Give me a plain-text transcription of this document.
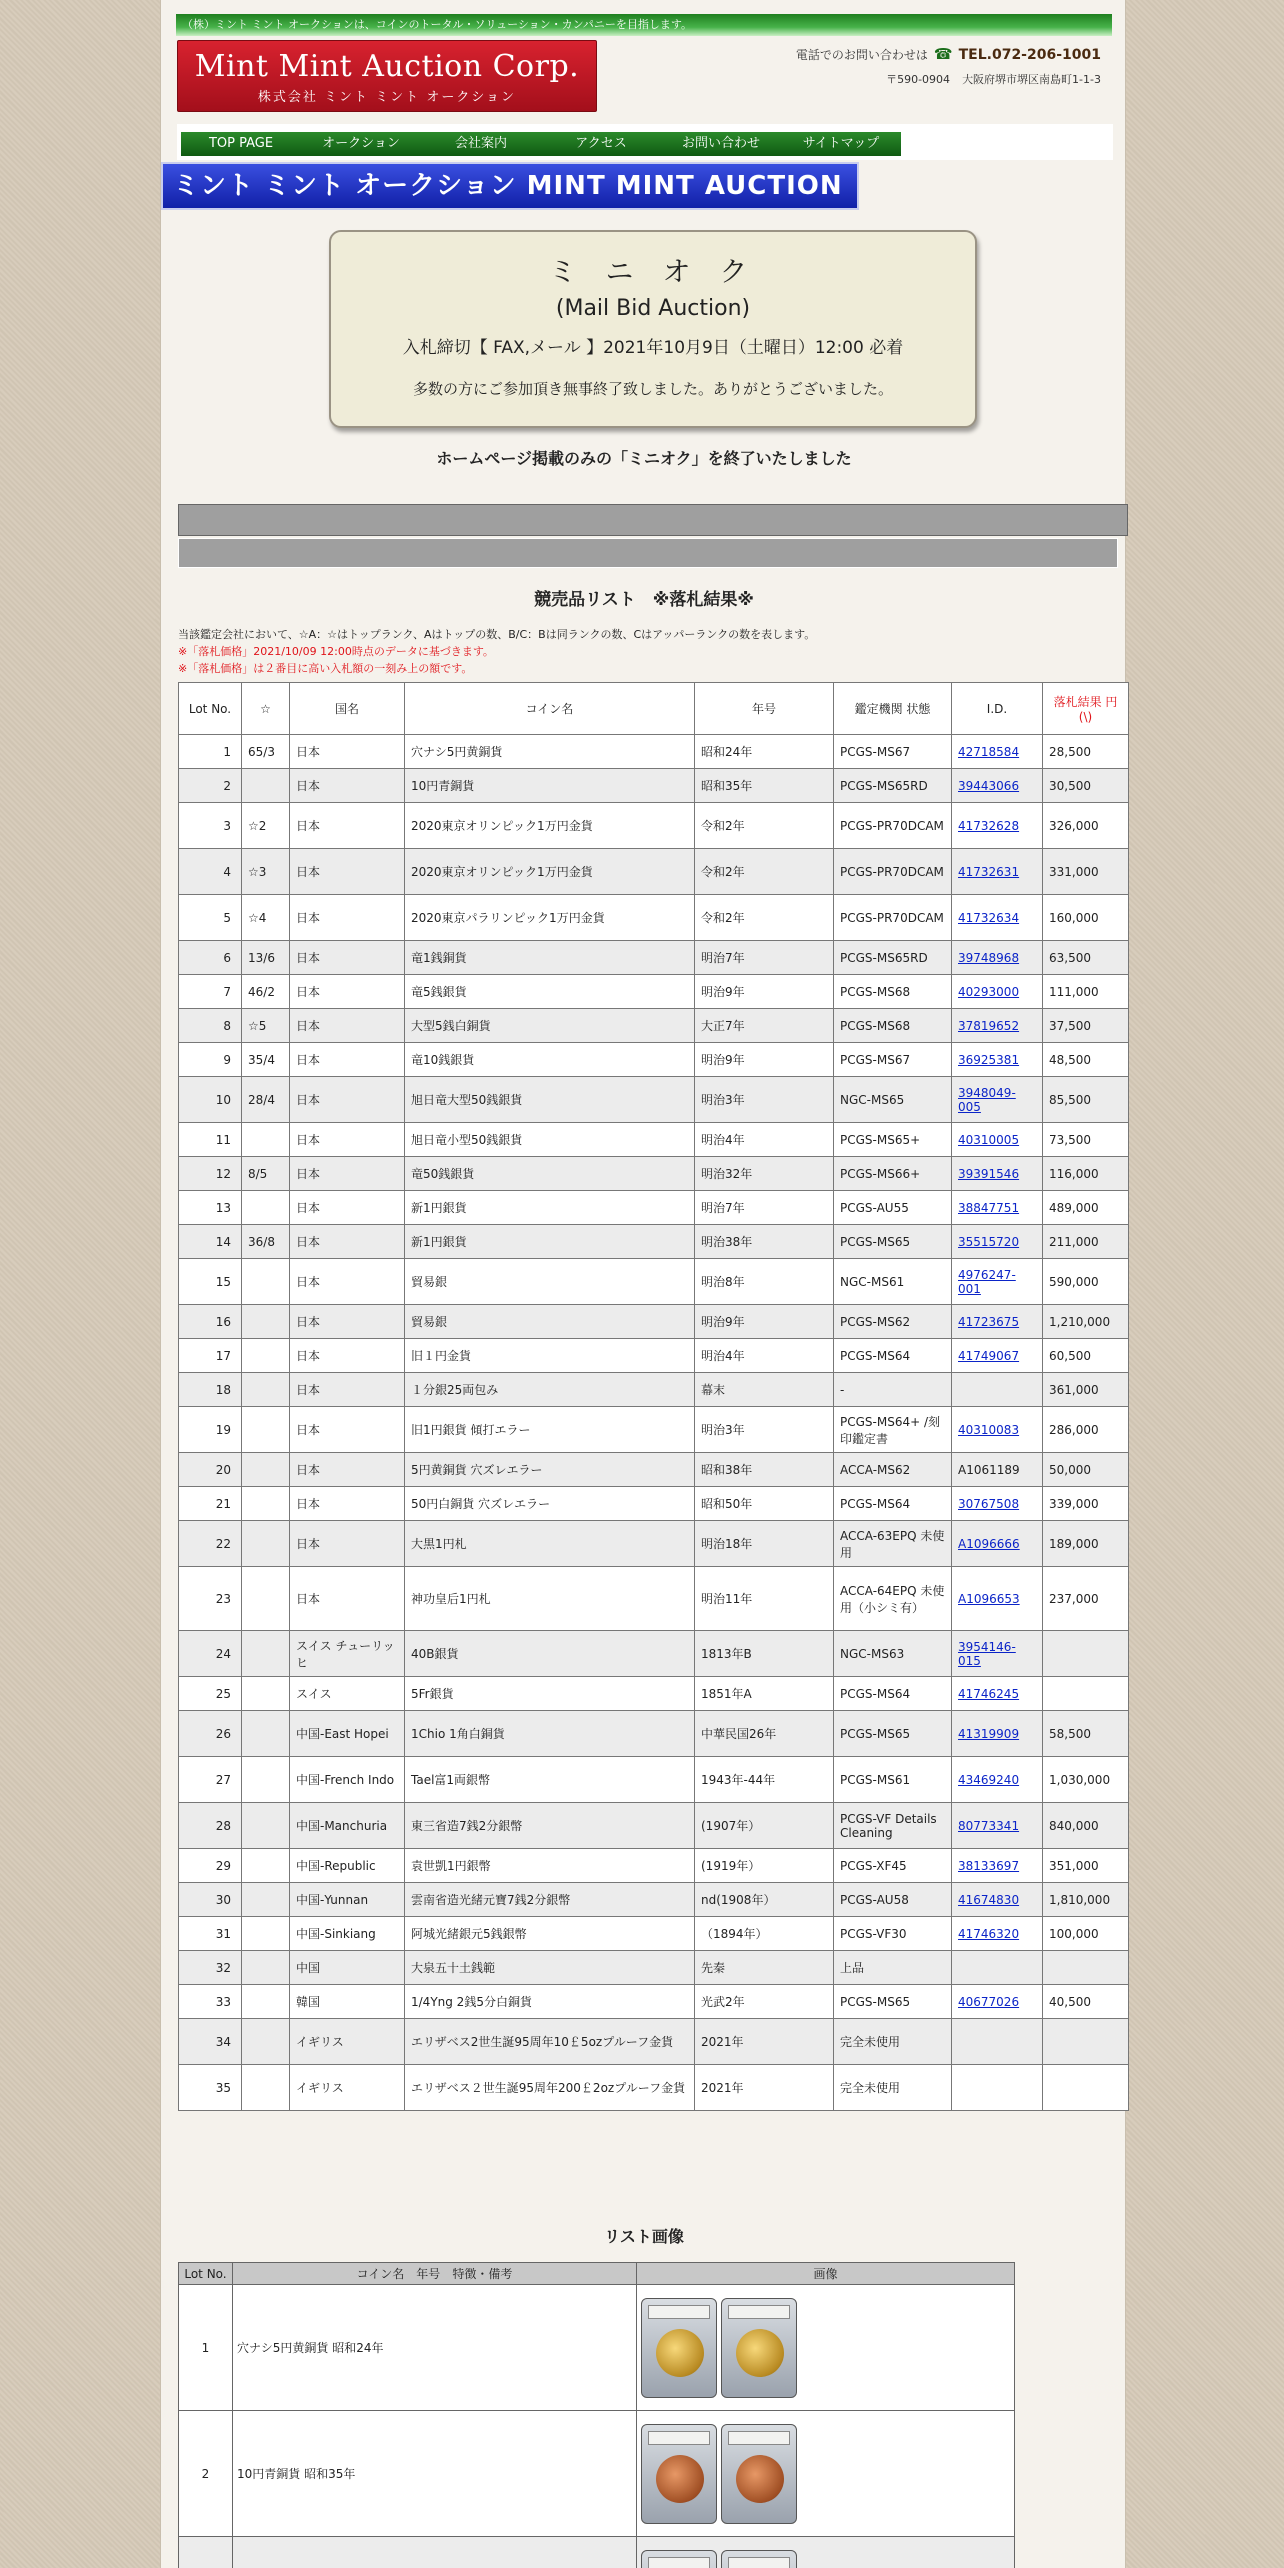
（株）ミント ミント オークションは、コインのトータル・ソリューション・カンパニーを目指します。
Mint Mint Auction Corp.
株式会社 ミント ミント オークション
電話でのお問い合わせは ☎ TEL.072-206-1001
〒590-0904 大阪府堺市堺区南島町1-1-3
TOP PAGE	オークション	会社案内	アクセス	お問い合わせ	サイトマップ
ミント ミント オークション MINT MINT AUCTION
ミ ニ オ ク
(Mail Bid Auction)
入札締切【 FAX,メール 】2021年10月9日（土曜日）12:00 必着
多数の方にご参加頂き無事終了致しました。ありがとうございました。
ホームページ掲載のみの「ミニオク」を終了いたしました
競売品リスト　※落札結果※
当該鑑定会社において、☆A：☆はトップランク、Aはトップの数、B/C：Bは同ランクの数、Cはアッパーランクの数を表します。
※「落札価格」2021/10/09 12:00時点のデータに基づきます。
※「落札価格」は２番目に高い入札額の一刻み上の額です。
Lot No.	☆	国名	コイン名	年号	鑑定機関 状態	I.D.	落札結果 円(\)
1	65/3	日本	穴ナシ5円黄銅貨	昭和24年	PCGS-MS67	42718584	28,500
2		日本	10円青銅貨	昭和35年	PCGS-MS65RD	39443066	30,500
3	☆2	日本	2020東京オリンピック1万円金貨	令和2年	PCGS-PR70DCAM	41732628	326,000
4	☆3	日本	2020東京オリンピック1万円金貨	令和2年	PCGS-PR70DCAM	41732631	331,000
5	☆4	日本	2020東京パラリンピック1万円金貨	令和2年	PCGS-PR70DCAM	41732634	160,000
6	13/6	日本	竜1銭銅貨	明治7年	PCGS-MS65RD	39748968	63,500
7	46/2	日本	竜5銭銀貨	明治9年	PCGS-MS68	40293000	111,000
8	☆5	日本	大型5銭白銅貨	大正7年	PCGS-MS68	37819652	37,500
9	35/4	日本	竜10銭銀貨	明治9年	PCGS-MS67	36925381	48,500
10	28/4	日本	旭日竜大型50銭銀貨	明治3年	NGC-MS65	3948049-005	85,500
11		日本	旭日竜小型50銭銀貨	明治4年	PCGS-MS65+	40310005	73,500
12	8/5	日本	竜50銭銀貨	明治32年	PCGS-MS66+	39391546	116,000
13		日本	新1円銀貨	明治7年	PCGS-AU55	38847751	489,000
14	36/8	日本	新1円銀貨	明治38年	PCGS-MS65	35515720	211,000
15		日本	貿易銀	明治8年	NGC-MS61	4976247-001	590,000
16		日本	貿易銀	明治9年	PCGS-MS62	41723675	1,210,000
17		日本	旧１円金貨	明治4年	PCGS-MS64	41749067	60,500
18		日本	１分銀25両包み	幕末	-		361,000
19		日本	旧1円銀貨 傾打エラー	明治3年	PCGS-MS64+ /刻印鑑定書	40310083	286,000
20		日本	5円黄銅貨 穴ズレエラー	昭和38年	ACCA-MS62	A1061189	50,000
21		日本	50円白銅貨 穴ズレエラー	昭和50年	PCGS-MS64	30767508	339,000
22		日本	大黒1円札	明治18年	ACCA-63EPQ 未使用	A1096666	189,000
23		日本	神功皇后1円札	明治11年	ACCA-64EPQ 未使用（小シミ有）	A1096653	237,000
24		スイス チューリッヒ	40B銀貨	1813年B	NGC-MS63	3954146-015	
25		スイス	5Fr銀貨	1851年A	PCGS-MS64	41746245	
26		中国-East Hopei	1Chio 1角白銅貨	中華民国26年	PCGS-MS65	41319909	58,500
27		中国-French Indo	Tael富1両銀幣	1943年-44年	PCGS-MS61	43469240	1,030,000
28		中国-Manchuria	東三省造7銭2分銀幣	(1907年）	PCGS-VF Details Cleaning	80773341	840,000
29		中国-Republic	袁世凱1円銀幣	(1919年）	PCGS-XF45	38133697	351,000
30		中国-Yunnan	雲南省造光緒元寶7銭2分銀幣	nd(1908年）	PCGS-AU58	41674830	1,810,000
31		中国-Sinkiang	阿城光緒銀元5銭銀幣	（1894年）	PCGS-VF30	41746320	100,000
32		中国	大泉五十土銭範	先秦	上品		
33		韓国	1/4Yng 2銭5分白銅貨	光武2年	PCGS-MS65	40677026	40,500
34		イギリス	エリザベス2世生誕95周年10￡5ozプルーフ金貨	2021年	完全未使用		
35		イギリス	エリザベス２世生誕95周年200￡2ozプルーフ金貨	2021年	完全未使用		
リスト画像
Lot No.	コイン名　年号　特徴・備考	画像
1	穴ナシ5円黄銅貨 昭和24年	

2	10円青銅貨 昭和35年	
